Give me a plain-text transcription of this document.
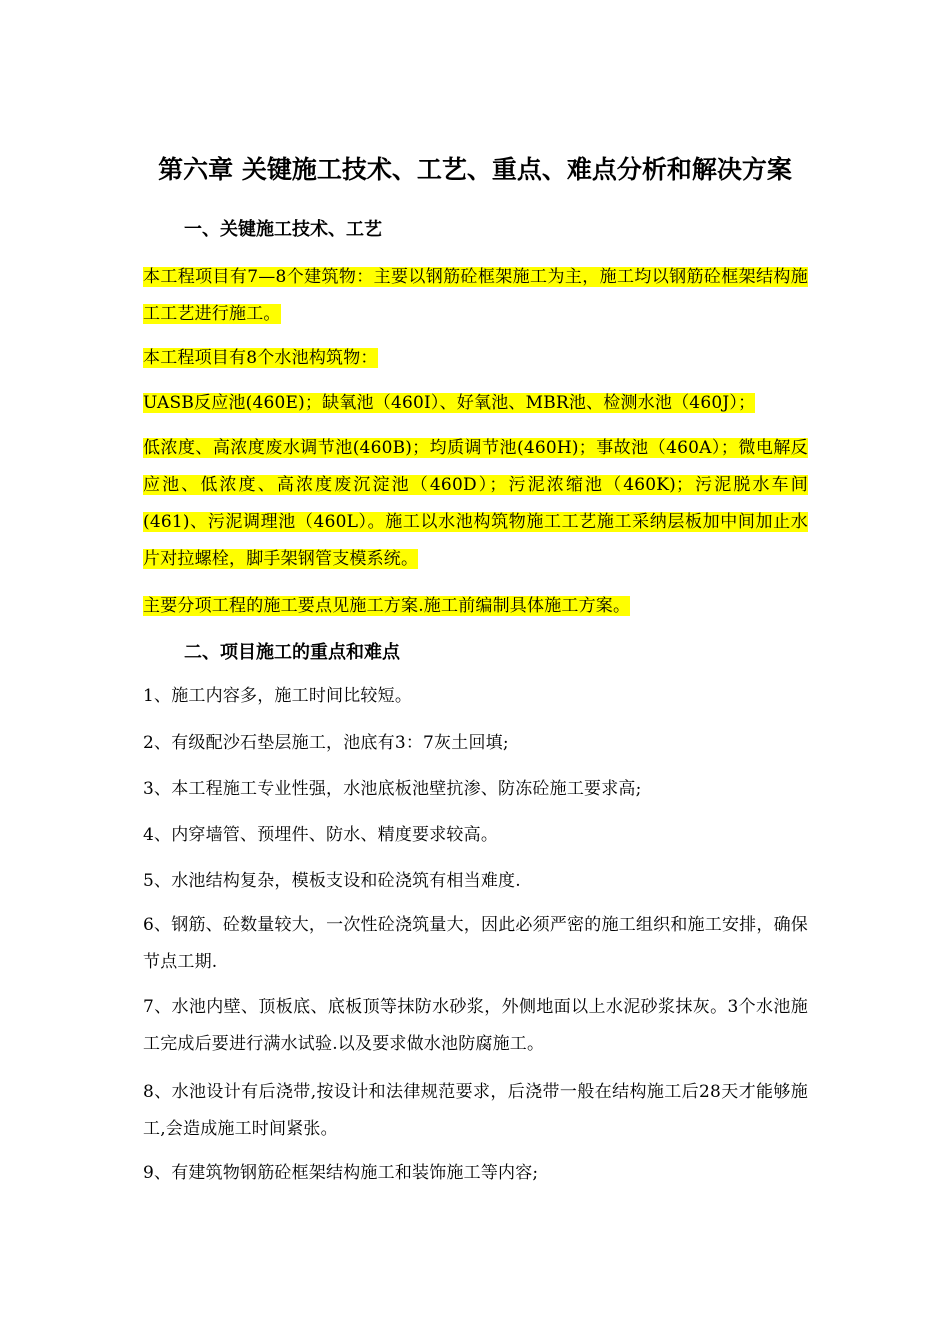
第六章 关键施工技术、工艺、重点、难点分析和解决方案
一、关键施工技术、工艺
本工程项目有7—8个建筑物：主要以钢筋砼框架施工为主，施工均以钢筋砼框架结构施工工艺进行施工。
本工程项目有8个水池构筑物：
UASB反应池(460E)；缺氧池（460I）、好氧池、MBR池、检测水池（460J）；
低浓度、高浓度废水调节池(460B)；均质调节池(460H)；事故池（460A）；微电解反应池、低浓度、高浓度废沉淀池（460D）；污泥浓缩池（460K)；污泥脱水车间(461)、污泥调理池（460L）。施工以水池构筑物施工工艺施工采纳层板加中间加止水片对拉螺栓，脚手架钢管支模系统。
主要分项工程的施工要点见施工方案.施工前编制具体施工方案。
二、项目施工的重点和难点
1、施工内容多，施工时间比较短。
2、有级配沙石垫层施工，池底有3：7灰土回填;
3、本工程施工专业性强，水池底板池壁抗渗、防冻砼施工要求高;
4、内穿墙管、预埋件、防水、精度要求较高。
5、水池结构复杂，模板支设和砼浇筑有相当难度.
6、钢筋、砼数量较大，一次性砼浇筑量大，因此必须严密的施工组织和施工安排，确保节点工期.
7、水池内壁、顶板底、底板顶等抹防水砂浆，外侧地面以上水泥砂浆抹灰。3个水池施工完成后要进行满水试验.以及要求做水池防腐施工。
8、水池设计有后浇带,按设计和法律规范要求，后浇带一般在结构施工后28天才能够施工,会造成施工时间紧张。
9、有建筑物钢筋砼框架结构施工和装饰施工等内容;
